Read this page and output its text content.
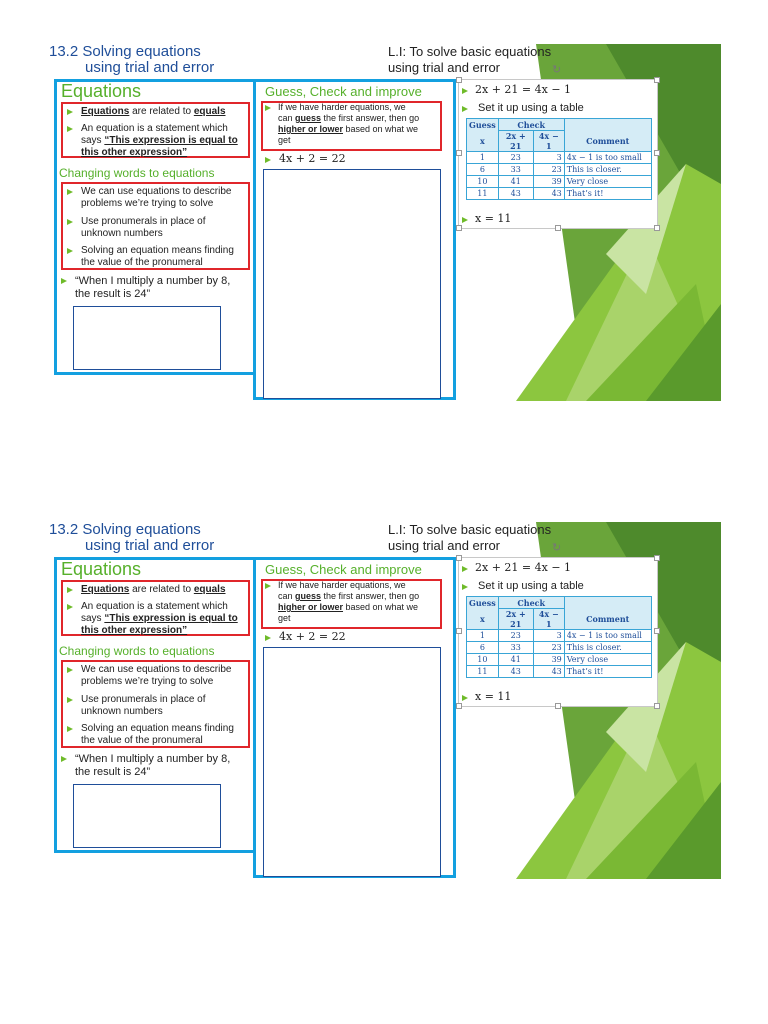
13.2 Solving equations
using trial and error
L.I: To solve basic equations
using trial and error	↻
Equations
Equations are related to equals
An equation is a statement which
says “This expression is equal to
this other expression”
Changing words to equations
We can use equations to describe
problems we’re trying to solve
Use pronumerals in place of
unknown numbers
Solving an equation means finding
the value of the pronumeral
“When I multiply a number by 8,
the result is 24”
Guess, Check and improve
If we have harder equations, we
can guess the first answer, then go
higher or lower based on what we
get
4x + 2 = 22
2x + 21 = 4x − 1
Set it up using a table
Guess	Check		
x	2x + 21	4x − 1	Comment
1	23	3	4x − 1 is too small
6	33	23	This is closer.
10	41	39	Very close
11	43	43	That’s it!
x = 11
13.2 Solving equations
using trial and error
L.I: To solve basic equations
using trial and error	↻
Equations
Equations are related to equals
An equation is a statement which
says “This expression is equal to
this other expression”
Changing words to equations
We can use equations to describe
problems we’re trying to solve
Use pronumerals in place of
unknown numbers
Solving an equation means finding
the value of the pronumeral
“When I multiply a number by 8,
the result is 24”
Guess, Check and improve
If we have harder equations, we
can guess the first answer, then go
higher or lower based on what we
get
4x + 2 = 22
2x + 21 = 4x − 1
Set it up using a table
Guess	Check		
x	2x + 21	4x − 1	Comment
1	23	3	4x − 1 is too small
6	33	23	This is closer.
10	41	39	Very close
11	43	43	That’s it!
x = 11
